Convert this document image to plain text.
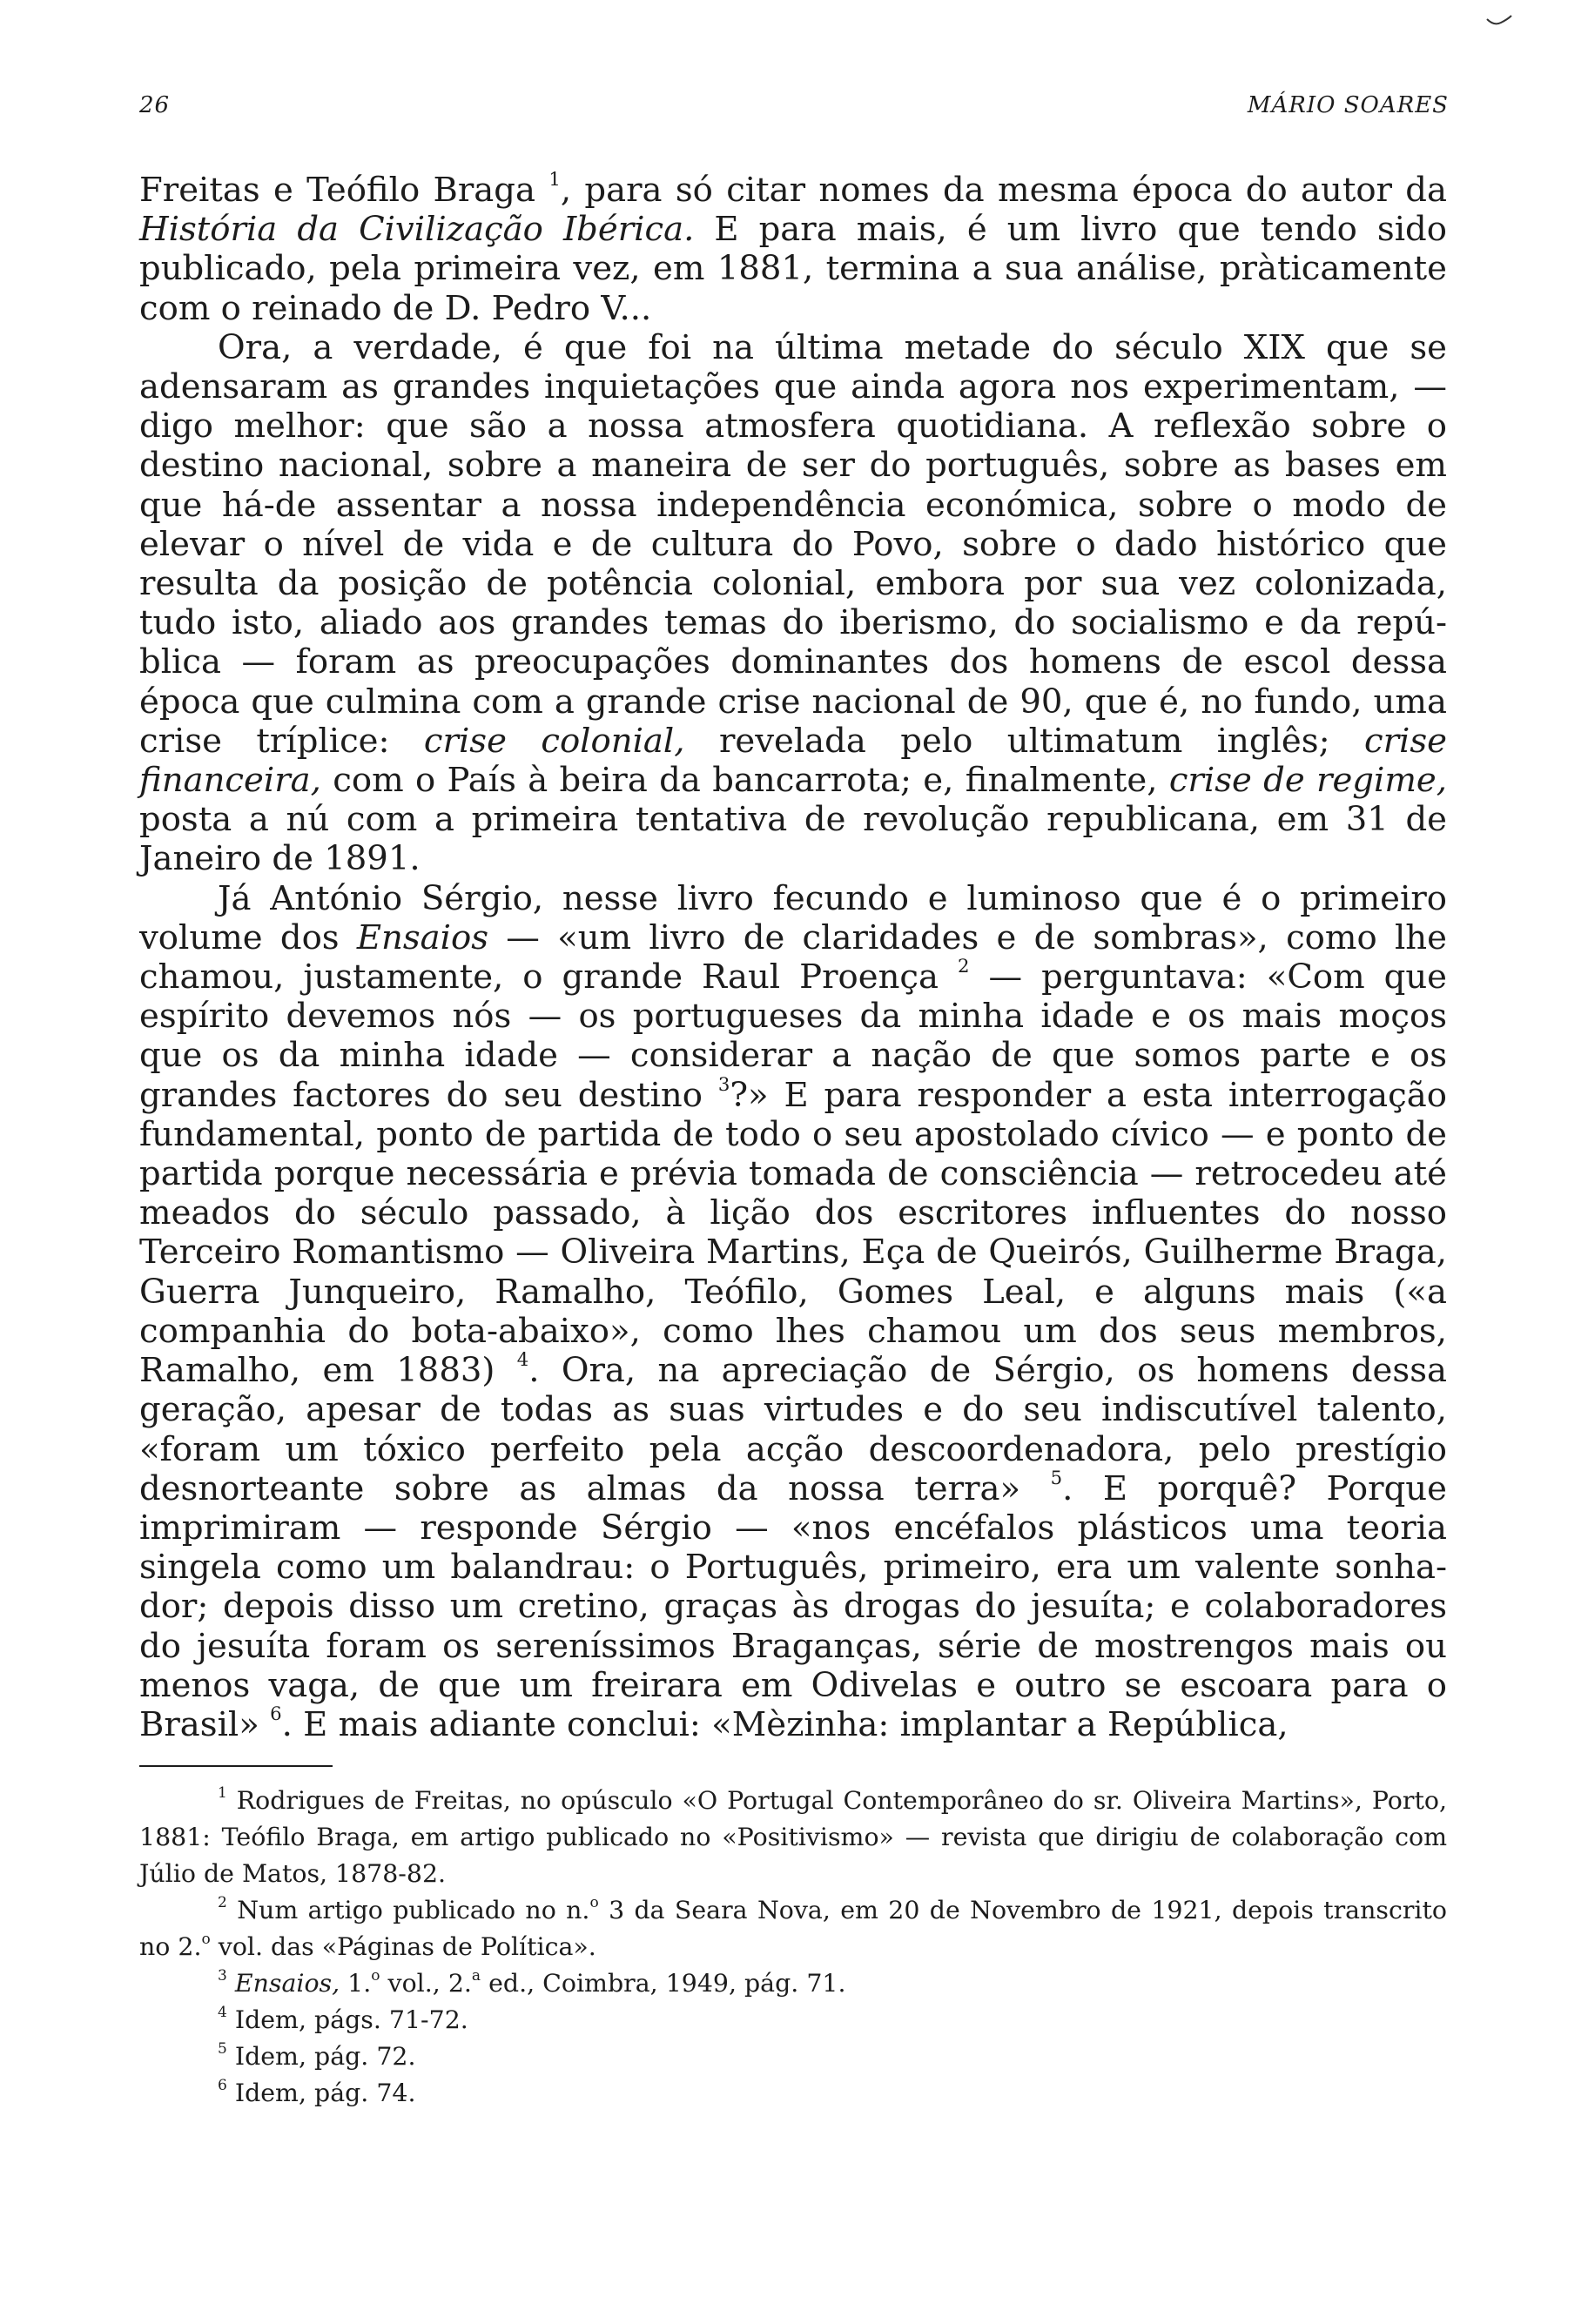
26	MÁRIO SOARES

Freitas e Teófilo Braga $^1$, para só citar nomes da mesma época do autor da História da Civilização Ibérica. E para mais, é um livro que tendo sido publicado, pela primeira vez, em 1881, termina a sua análise, pràticamente com o reinado de D. Pedro V...

Ora, a verdade, é que foi na última metade do século XIX que se adensaram as grandes inquietações que ainda agora nos experimentam, — digo melhor: que são a nossa atmosfera quotidiana. A reflexão sobre o destino nacional, sobre a maneira de ser do português, sobre as bases em que há-de assentar a nossa independência económica, sobre o modo de elevar o nível de vida e de cultura do Povo, sobre o dado histórico que resulta da posição de potência colonial, embora por sua vez colonizada, tudo isto, aliado aos grandes temas do iberismo, do socialismo e da república — foram as preocupações dominantes dos homens de escol dessa época que culmina com a grande crise nacional de 90, que é, no fundo, uma crise tríplice: crise colonial, revelada pelo ultimatum inglês; crise financeira, com o País à beira da bancarrota; e, finalmente, crise de regime, posta a nú com a primeira tentativa de revolução republicana, em 31 de Janeiro de 1891.

Já António Sérgio, nesse livro fecundo e luminoso que é o primeiro volume dos Ensaios — «um livro de claridades e de sombras», como lhe chamou, justamente, o grande Raul Proença $^2$ — perguntava: «Com que espírito devemos nós — os portugueses da minha idade e os mais moços que os da minha idade — considerar a nação de que somos parte e os grandes factores do seu destino $^3$?» E para responder a esta interrogação fundamental, ponto de partida de todo o seu apostolado cívico — e ponto de partida porque necessária e prévia tomada de consciência — retrocedeu até meados do século passado, à lição dos escritores influentes do nosso Terceiro Romantismo — Oliveira Martins, Eça de Queirós, Guilherme Braga, Guerra Junqueiro, Ramalho, Teófilo, Gomes Leal, e alguns mais («a companhia do bota-abaixo», como lhes chamou um dos seus membros, Ramalho, em 1883) $^4$. Ora, na apreciação de Sérgio, os homens dessa geração, apesar de todas as suas virtudes e do seu indiscutível talento, «foram um tóxico perfeito pela acção descoordenadora, pelo prestígio desnorteante sobre as almas da nossa terra» $^5$. E porquê? Porque imprimiram — responde Sérgio — «nos encéfalos plásticos uma teoria singela como um balandrau: o Português, primeiro, era um valente sonhador; depois disso um cretino, graças às drogas do jesuíta; e colaboradores do jesuíta foram os sereníssimos Braganças, série de mostrengos mais ou menos vaga, de que um freirara em Odivelas e outro se escoara para o Brasil» $^6$. E mais adiante conclui: «Mèzinha: implantar a República,

$^1$ Rodrigues de Freitas, no opúsculo «O Portugal Contemporâneo do sr. Oliveira Martins», Porto, 1881: Teófilo Braga, em artigo publicado no «Positivismo» — revista que dirigiu de colaboração com Júlio de Matos, 1878-82.

$^2$ Num artigo publicado no n.$^o$ 3 da Seara Nova, em 20 de Novembro de 1921, depois transcrito no 2.$^o$ vol. das «Páginas de Política».

$^3$ Ensaios, 1.$^o$ vol., 2.$^a$ ed., Coimbra, 1949, pág. 71.

$^4$ Idem, págs. 71-72.

$^5$ Idem, pág. 72.

$^6$ Idem, pág. 74.
